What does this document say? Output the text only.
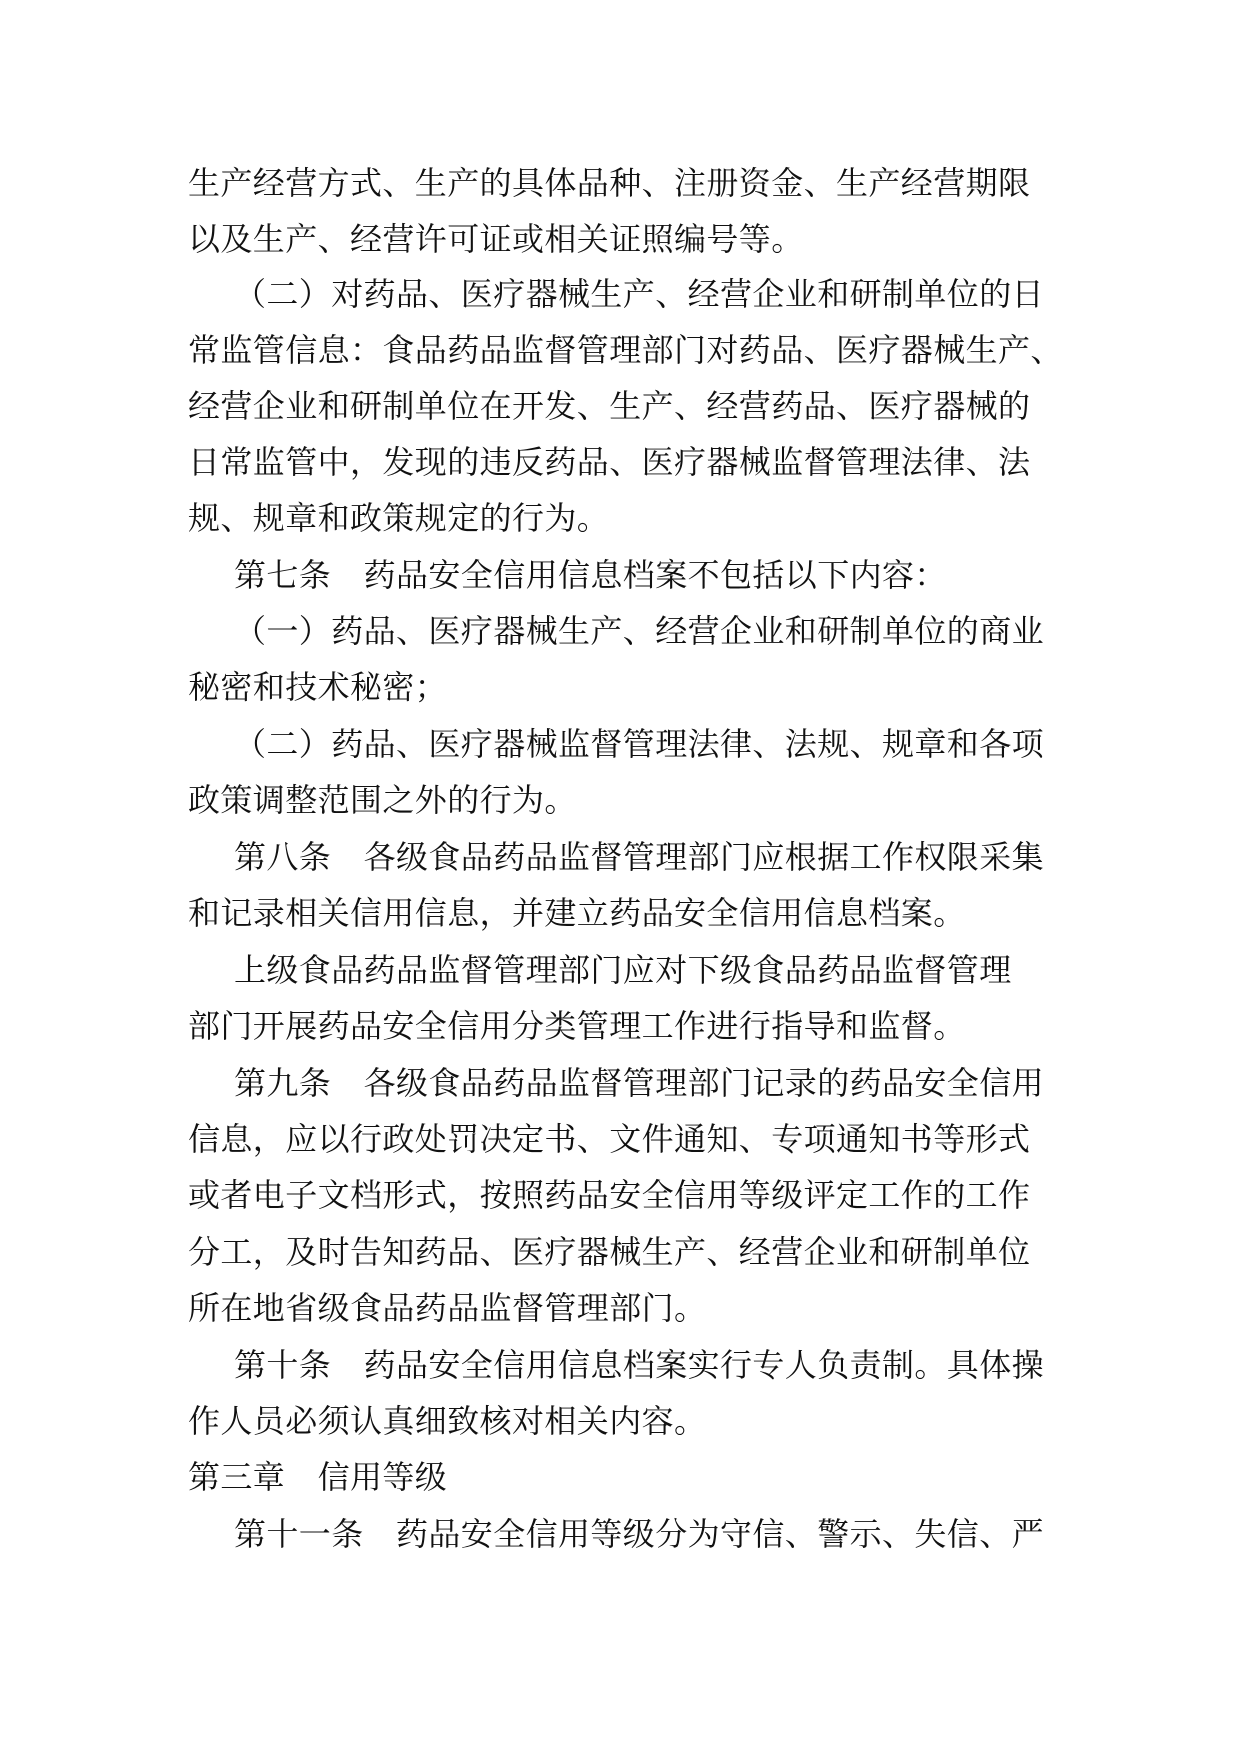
生产经营方式、生产的具体品种、注册资金、生产经营期限
以及生产、经营许可证或相关证照编号等。
（二）对药品、医疗器械生产、经营企业和研制单位的日
常监管信息：食品药品监督管理部门对药品、医疗器械生产、
经营企业和研制单位在开发、生产、经营药品、医疗器械的
日常监管中，发现的违反药品、医疗器械监督管理法律、法
规、规章和政策规定的行为。
第七条　药品安全信用信息档案不包括以下内容：
（一）药品、医疗器械生产、经营企业和研制单位的商业
秘密和技术秘密；
（二）药品、医疗器械监督管理法律、法规、规章和各项
政策调整范围之外的行为。
第八条　各级食品药品监督管理部门应根据工作权限采集
和记录相关信用信息，并建立药品安全信用信息档案。
上级食品药品监督管理部门应对下级食品药品监督管理
部门开展药品安全信用分类管理工作进行指导和监督。
第九条　各级食品药品监督管理部门记录的药品安全信用
信息，应以行政处罚决定书、文件通知、专项通知书等形式
或者电子文档形式，按照药品安全信用等级评定工作的工作
分工，及时告知药品、医疗器械生产、经营企业和研制单位
所在地省级食品药品监督管理部门。
第十条　药品安全信用信息档案实行专人负责制。具体操
作人员必须认真细致核对相关内容。
第三章　信用等级
第十一条　药品安全信用等级分为守信、警示、失信、严
